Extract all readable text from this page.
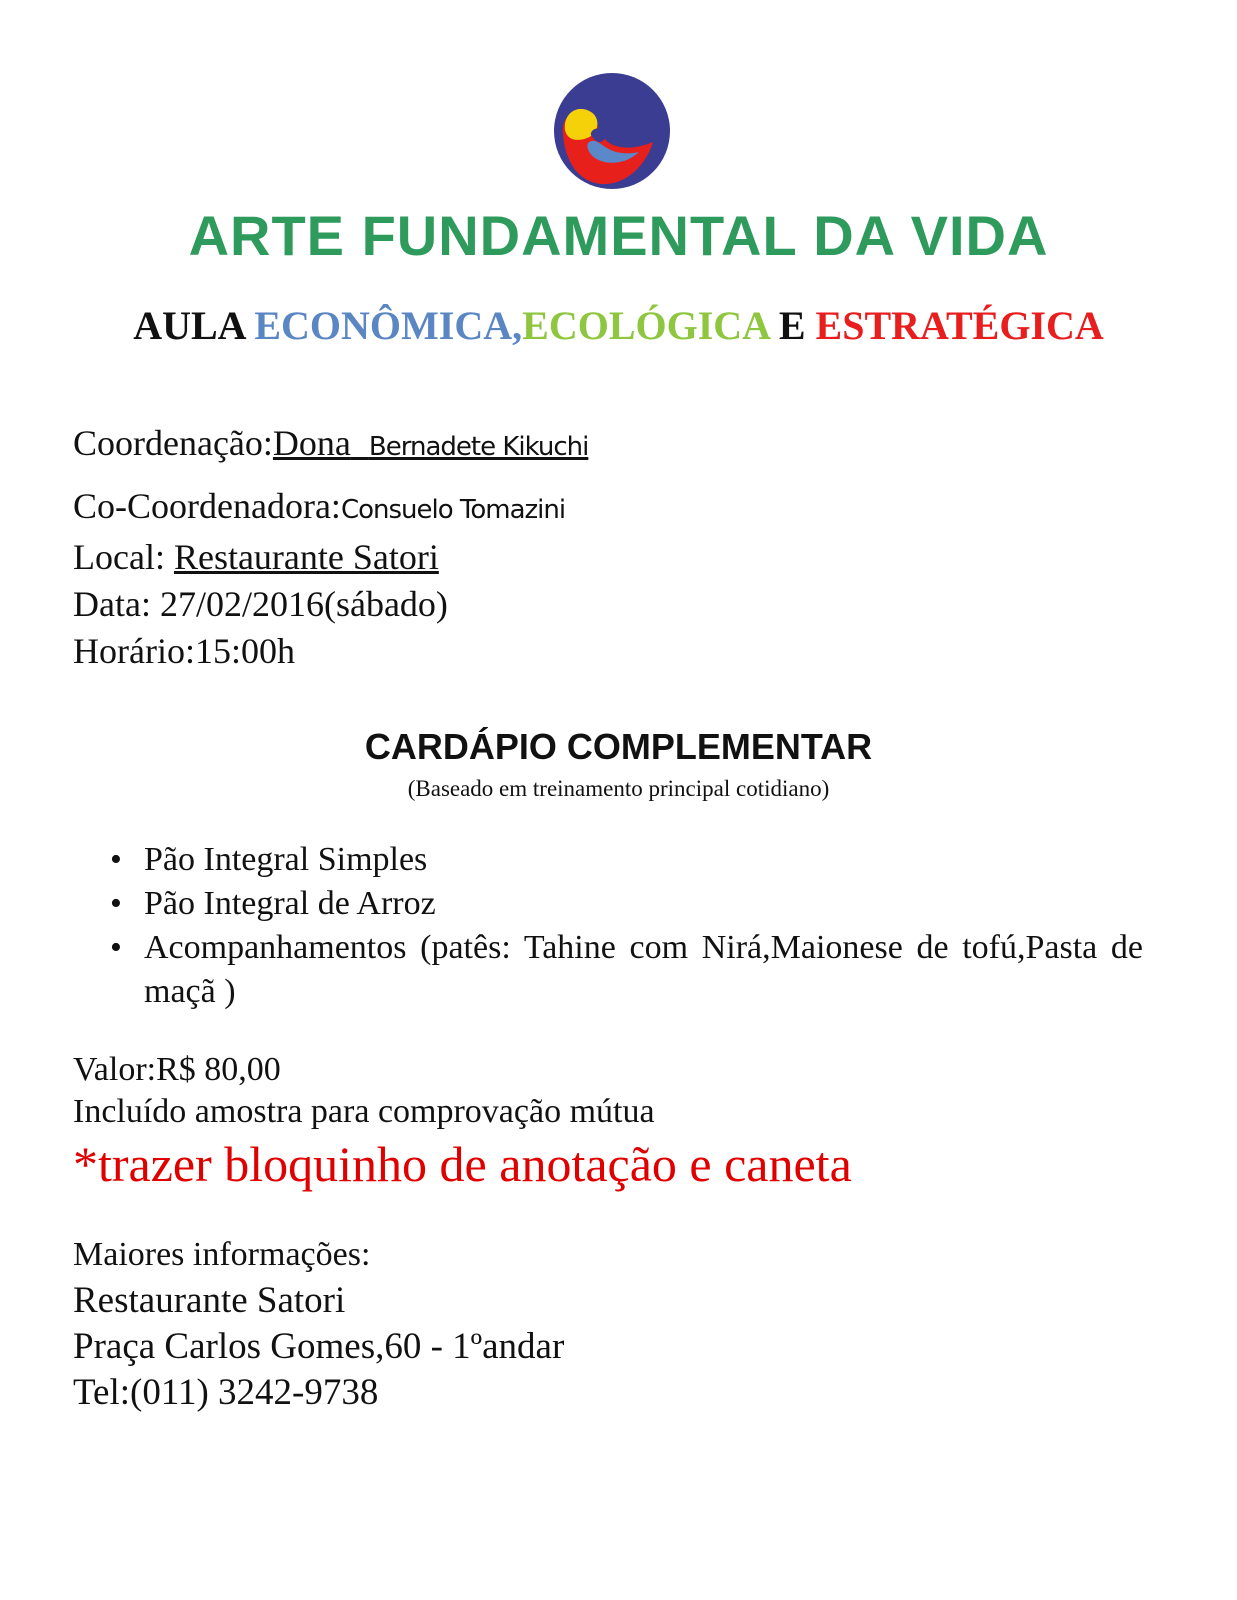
ARTE FUNDAMENTAL DA VIDA
AULA ECONÔMICA,ECOLÓGICA E ESTRATÉGICA
Coordenação:Dona Bernadete Kikuchi
Co-Coordenadora:Consuelo Tomazini
Local: Restaurante Satori
Data: 27/02/2016(sábado)
Horário:15:00h
CARDÁPIO COMPLEMENTAR
(Baseado em treinamento principal cotidiano)
• Pão Integral Simples
• Pão Integral de Arroz
• Acompanhamentos (patês: Tahine com Nirá,Maionese de tofú,Pasta de maçã )
Valor:R$ 80,00
Incluído amostra para comprovação mútua
*trazer bloquinho de anotação e caneta
Maiores informações:
Restaurante Satori
Praça Carlos Gomes,60 - 1ºandar
Tel:(011) 3242-9738
